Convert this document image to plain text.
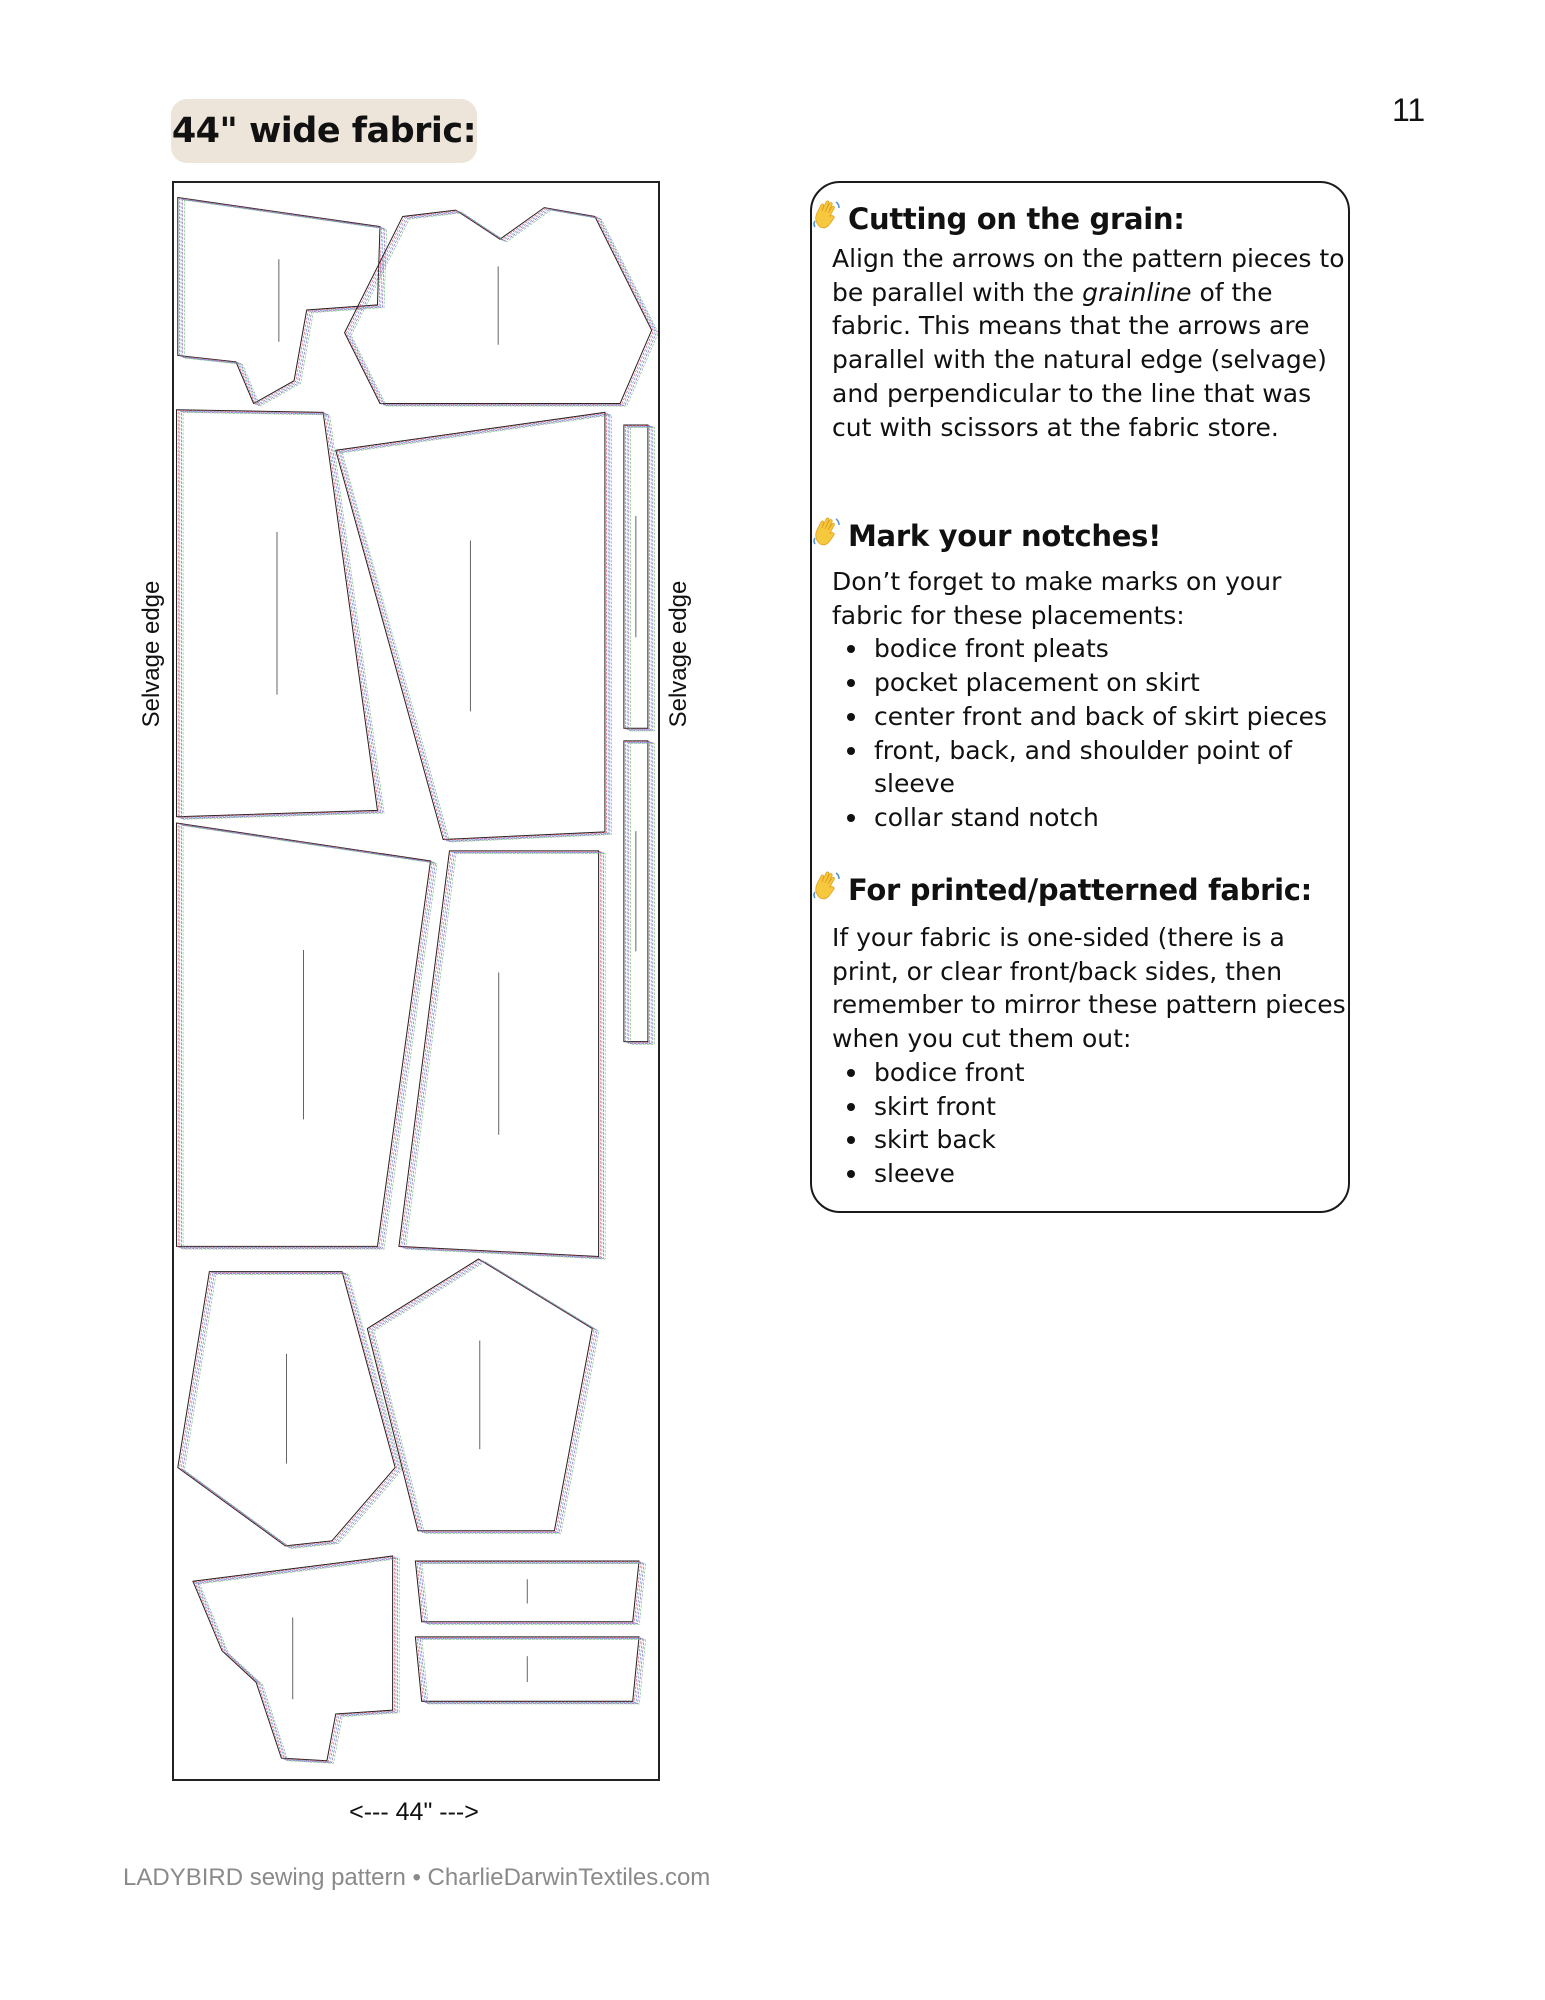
44" wide fabric:
11
Selvage edge	Selvage edge
<--- 44" --->
Cutting on the grain:

Align the arrows on the pattern pieces to be parallel with the grainline of the fabric. This means that the arrows are parallel with the natural edge (selvage) and perpendicular to the line that was cut with scissors at the fabric store.

Mark your notches!

Don’t forget to make marks on your fabric for these placements:

bodice front pleats
pocket placement on skirt
center front and back of skirt pieces
front, back, and shoulder point of sleeve
collar stand notch
For printed/patterned fabric:

If your fabric is one-sided (there is a print, or clear front/back sides, then remember to mirror these pattern pieces when you cut them out:

bodice front
skirt front
skirt back
sleeve
LADYBIRD sewing pattern • CharlieDarwinTextiles.com
